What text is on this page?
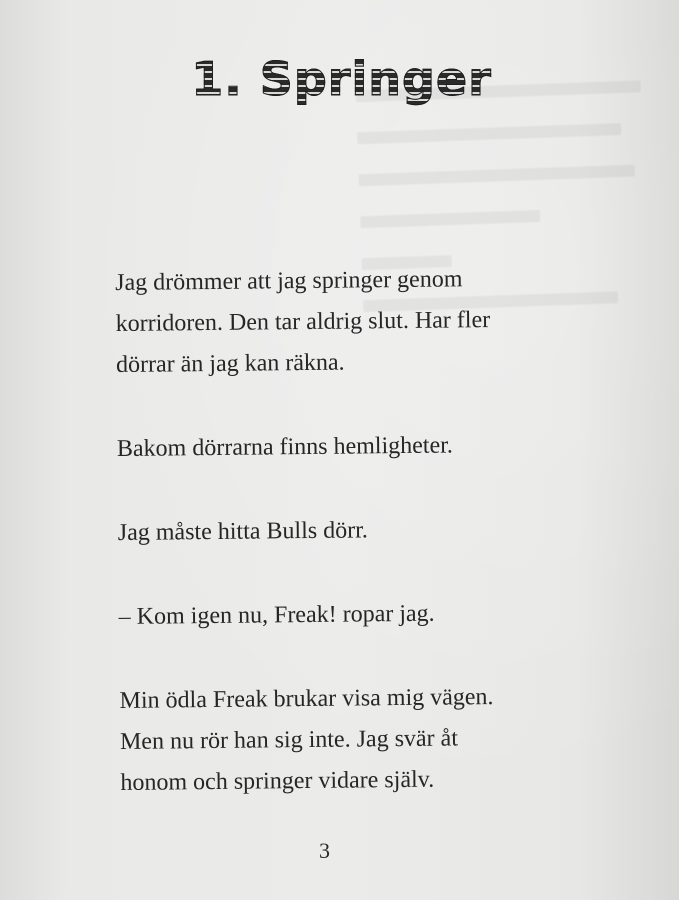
1. Springer

Jag drömmer att jag springer genom
korridoren. Den tar aldrig slut. Har fler
dörrar än jag kan räkna.

Bakom dörrarna finns hemligheter.

Jag måste hitta Bulls dörr.

– Kom igen nu, Freak! ropar jag.

Min ödla Freak brukar visa mig vägen.
Men nu rör han sig inte. Jag svär åt
honom och springer vidare själv.

3
